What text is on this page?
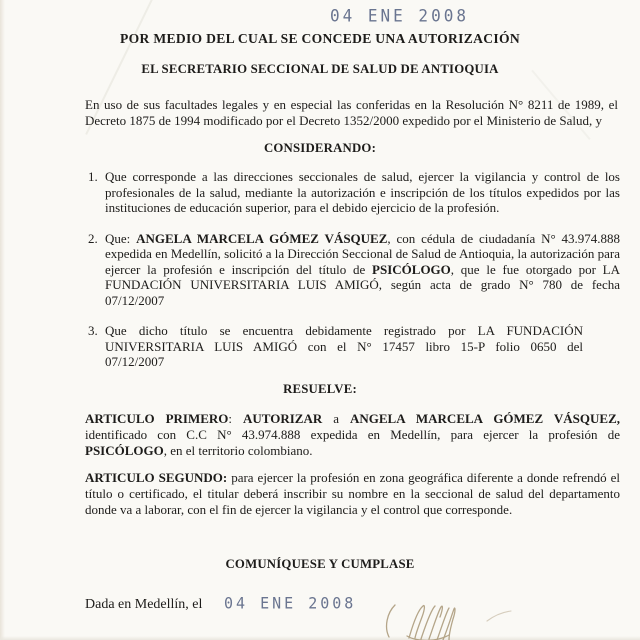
04 ENE 2008
POR MEDIO DEL CUAL SE CONCEDE UNA AUTORIZACIÓN
EL SECRETARIO SECCIONAL DE SALUD DE ANTIOQUIA

En uso de sus facultades legales y en especial las conferidas en la Resolución N° 8211 de 1989, el Decreto 1875 de 1994 modificado por el Decreto 1352/2000 expedido por el Ministerio de Salud, y

CONSIDERANDO:
1. Que corresponde a las direcciones seccionales de salud, ejercer la vigilancia y control de los profesionales de la salud, mediante la autorización e inscripción de los títulos expedidos por las instituciones de educación superior, para el debido ejercicio de la profesión.
2. Que: ANGELA MARCELA GÓMEZ VÁSQUEZ, con cédula de ciudadanía N° 43.974.888 expedida en Medellín, solicitó a la Dirección Seccional de Salud de Antioquia, la autorización para ejercer la profesión e inscripción del título de PSICÓLOGO, que le fue otorgado por LA FUNDACIÓN UNIVERSITARIA LUIS AMIGÓ, según acta de grado N° 780 de fecha 07/12/2007
3. Que dicho título se encuentra debidamente registrado por LA FUNDACIÓN UNIVERSITARIA LUIS AMIGÓ con el N° 17457 libro 15-P folio 0650 del 07/12/2007
RESUELVE:

ARTICULO PRIMERO: AUTORIZAR a ANGELA MARCELA GÓMEZ VÁSQUEZ, identificado con C.C N° 43.974.888 expedida en Medellín, para ejercer la profesión de PSICÓLOGO, en el territorio colombiano.

ARTICULO SEGUNDO: para ejercer la profesión en zona geográfica diferente a donde refrendó el título o certificado, el titular deberá inscribir su nombre en la seccional de salud del departamento donde va a laborar, con el fin de ejercer la vigilancia y el control que corresponde.

COMUNÍQUESE Y CUMPLASE
Dada en Medellín, el 04 ENE 2008
